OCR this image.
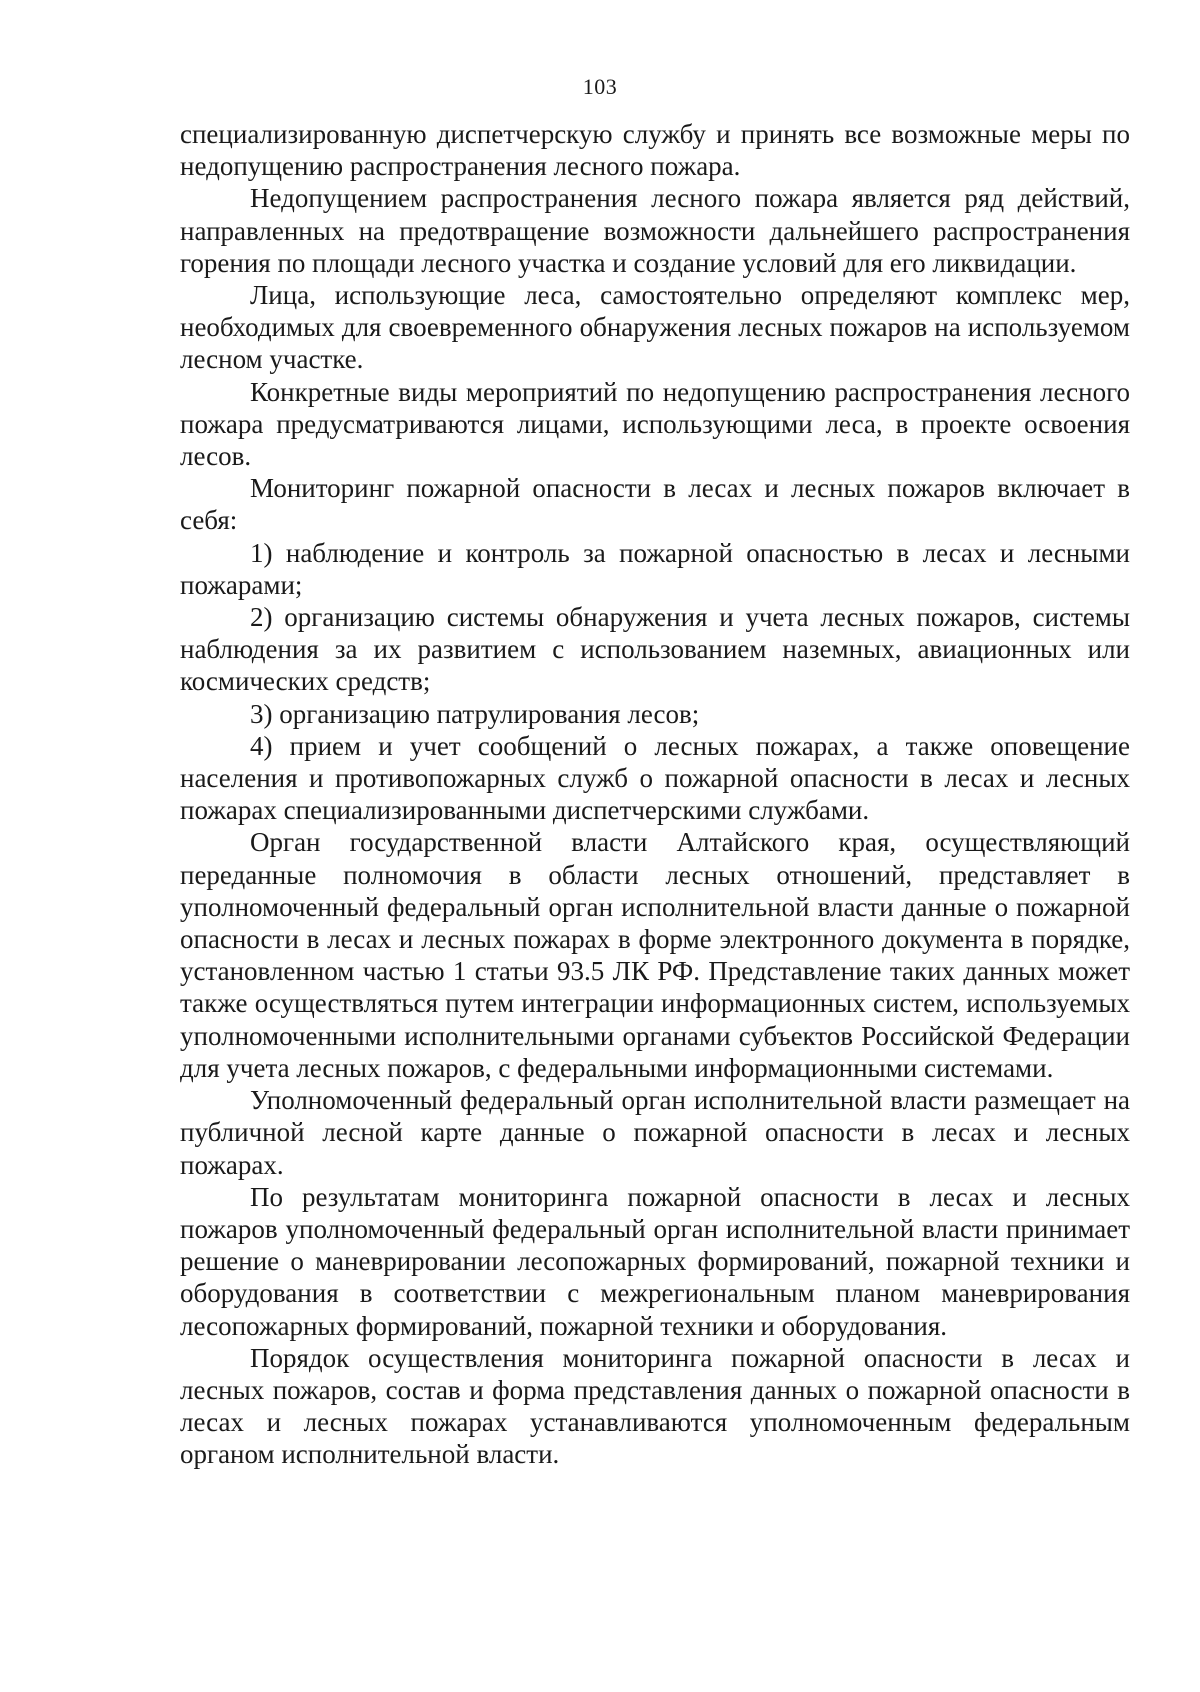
103

специализированную диспетчерскую службу и принять все возможные меры по недопущению распространения лесного пожара.

Недопущением распространения лесного пожара является ряд действий, направленных на предотвращение возможности дальнейшего распространения горения по площади лесного участка и создание условий для его ликвидации.

Лица, использующие леса, самостоятельно определяют комплекс мер, необходимых для своевременного обнаружения лесных пожаров на используемом лесном участке.

Конкретные виды мероприятий по недопущению распространения лесного пожара предусматриваются лицами, использующими леса, в проекте освоения лесов.

Мониторинг пожарной опасности в лесах и лесных пожаров включает в себя:

1) наблюдение и контроль за пожарной опасностью в лесах и лесными пожарами;

2) организацию системы обнаружения и учета лесных пожаров, системы наблюдения за их развитием с использованием наземных, авиационных или космических средств;

3) организацию патрулирования лесов;

4) прием и учет сообщений о лесных пожарах, а также оповещение населения и противопожарных служб о пожарной опасности в лесах и лесных пожарах специализированными диспетчерскими службами.

Орган государственной власти Алтайского края, осуществляющий переданные полномочия в области лесных отношений, представляет в уполномоченный федеральный орган исполнительной власти данные о пожарной опасности в лесах и лесных пожарах в форме электронного документа в порядке, установленном частью 1 статьи 93.5 ЛК РФ. Представление таких данных может также осуществляться путем интеграции информационных систем, используемых уполномоченными исполнительными органами субъектов Российской Федерации для учета лесных пожаров, с федеральными информационными системами.

Уполномоченный федеральный орган исполнительной власти размещает на публичной лесной карте данные о пожарной опасности в лесах и лесных пожарах.

По результатам мониторинга пожарной опасности в лесах и лесных пожаров уполномоченный федеральный орган исполнительной власти принимает решение о маневрировании лесопожарных формирований, пожарной техники и оборудования в соответствии с межрегиональным планом маневрирования лесопожарных формирований, пожарной техники и оборудования.

Порядок осуществления мониторинга пожарной опасности в лесах и лесных пожаров, состав и форма представления данных о пожарной опасности в лесах и лесных пожарах устанавливаются уполномоченным федеральным органом исполнительной власти.
